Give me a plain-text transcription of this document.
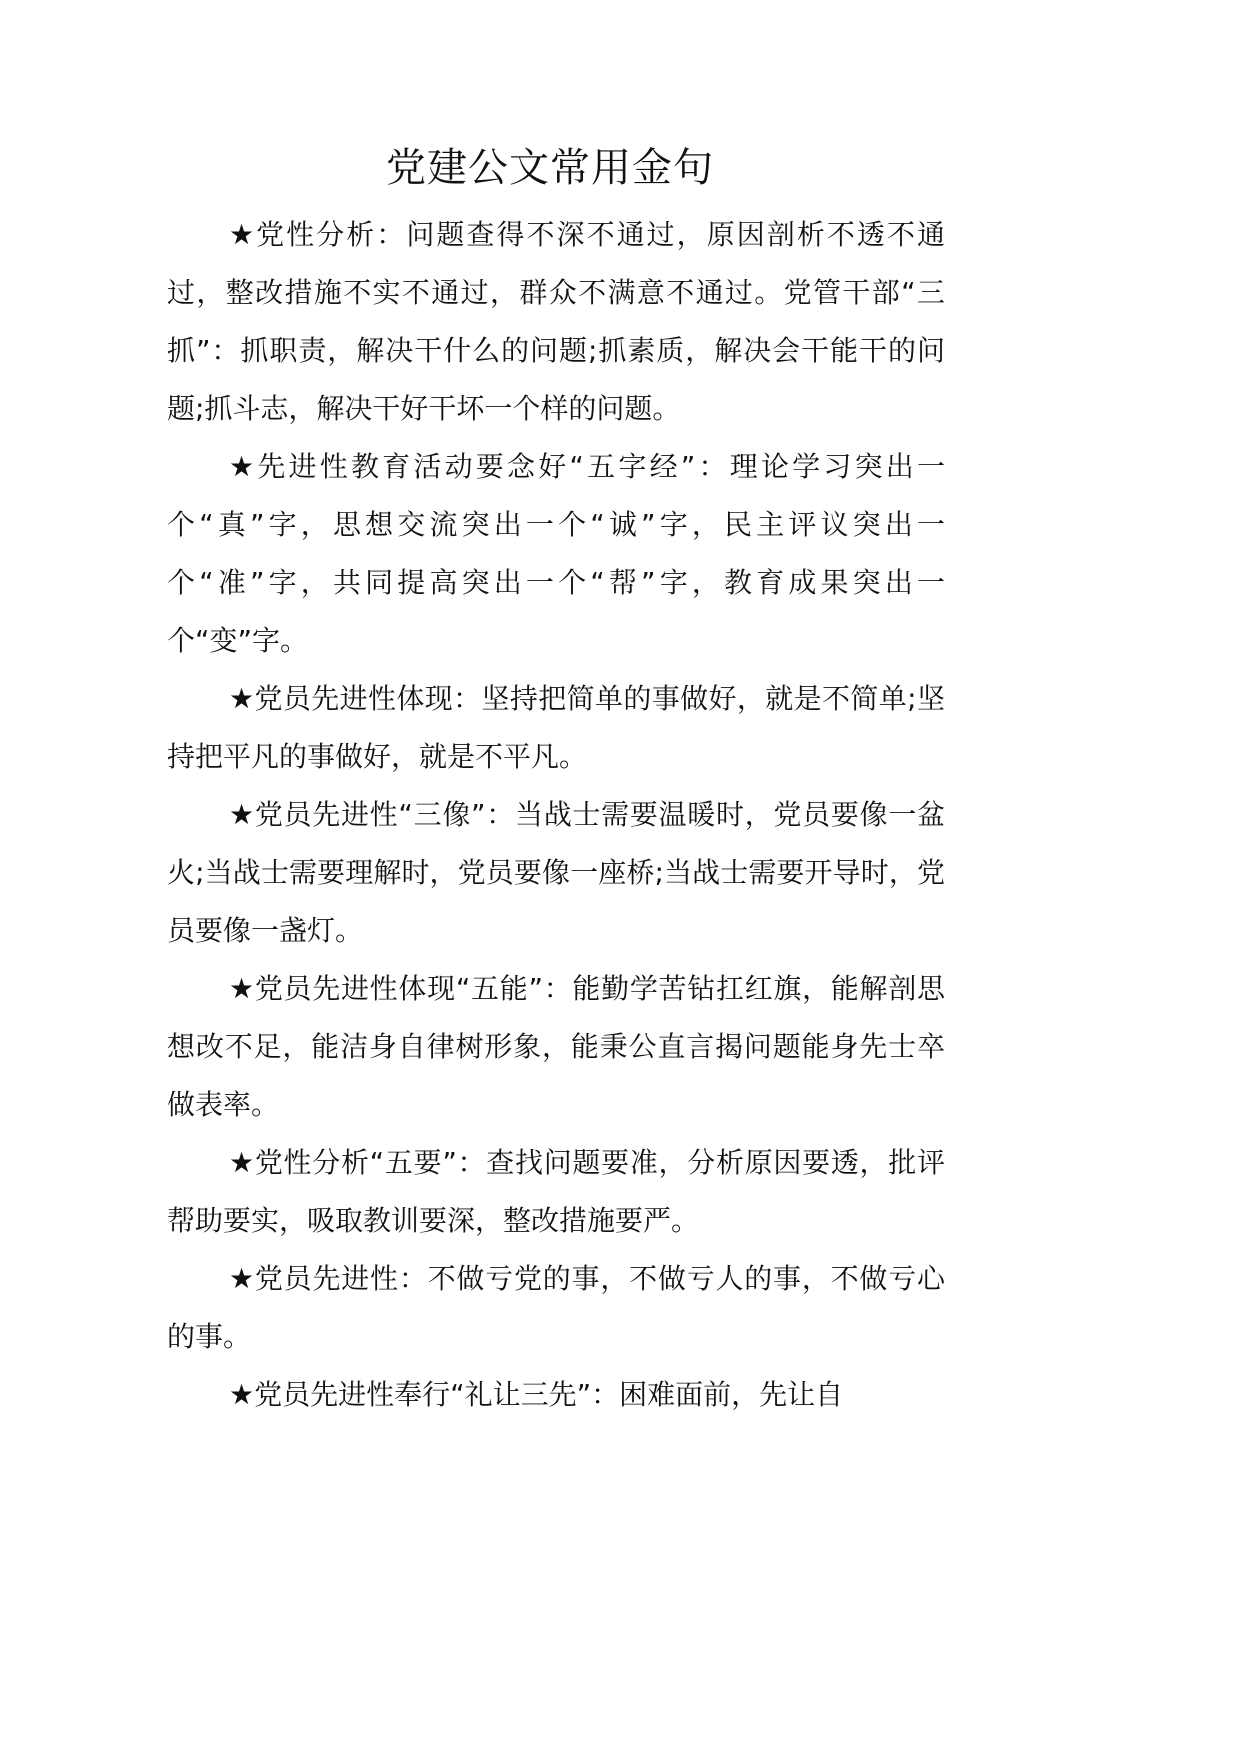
党建公文常用金句

★党性分析：问题查得不深不通过，原因剖析不透不通过，整改措施不实不通过，群众不满意不通过。党管干部“三抓”：抓职责，解决干什么的问题;抓素质，解决会干能干的问题;抓斗志，解决干好干坏一个样的问题。

★先进性教育活动要念好“五字经”：理论学习突出一个“真”字，思想交流突出一个“诚”字，民主评议突出一个“准”字，共同提高突出一个“帮”字，教育成果突出一个“变”字。

★党员先进性体现：坚持把简单的事做好，就是不简单;坚持把平凡的事做好，就是不平凡。

★党员先进性“三像”：当战士需要温暖时，党员要像一盆火;当战士需要理解时，党员要像一座桥;当战士需要开导时，党员要像一盏灯。

★党员先进性体现“五能”：能勤学苦钻扛红旗，能解剖思想改不足，能洁身自律树形象，能秉公直言揭问题能身先士卒做表率。

★党性分析“五要”：查找问题要准，分析原因要透，批评帮助要实，吸取教训要深，整改措施要严。

★党员先进性：不做亏党的事，不做亏人的事，不做亏心的事。

★党员先进性奉行“礼让三先”：困难面前，先让自
